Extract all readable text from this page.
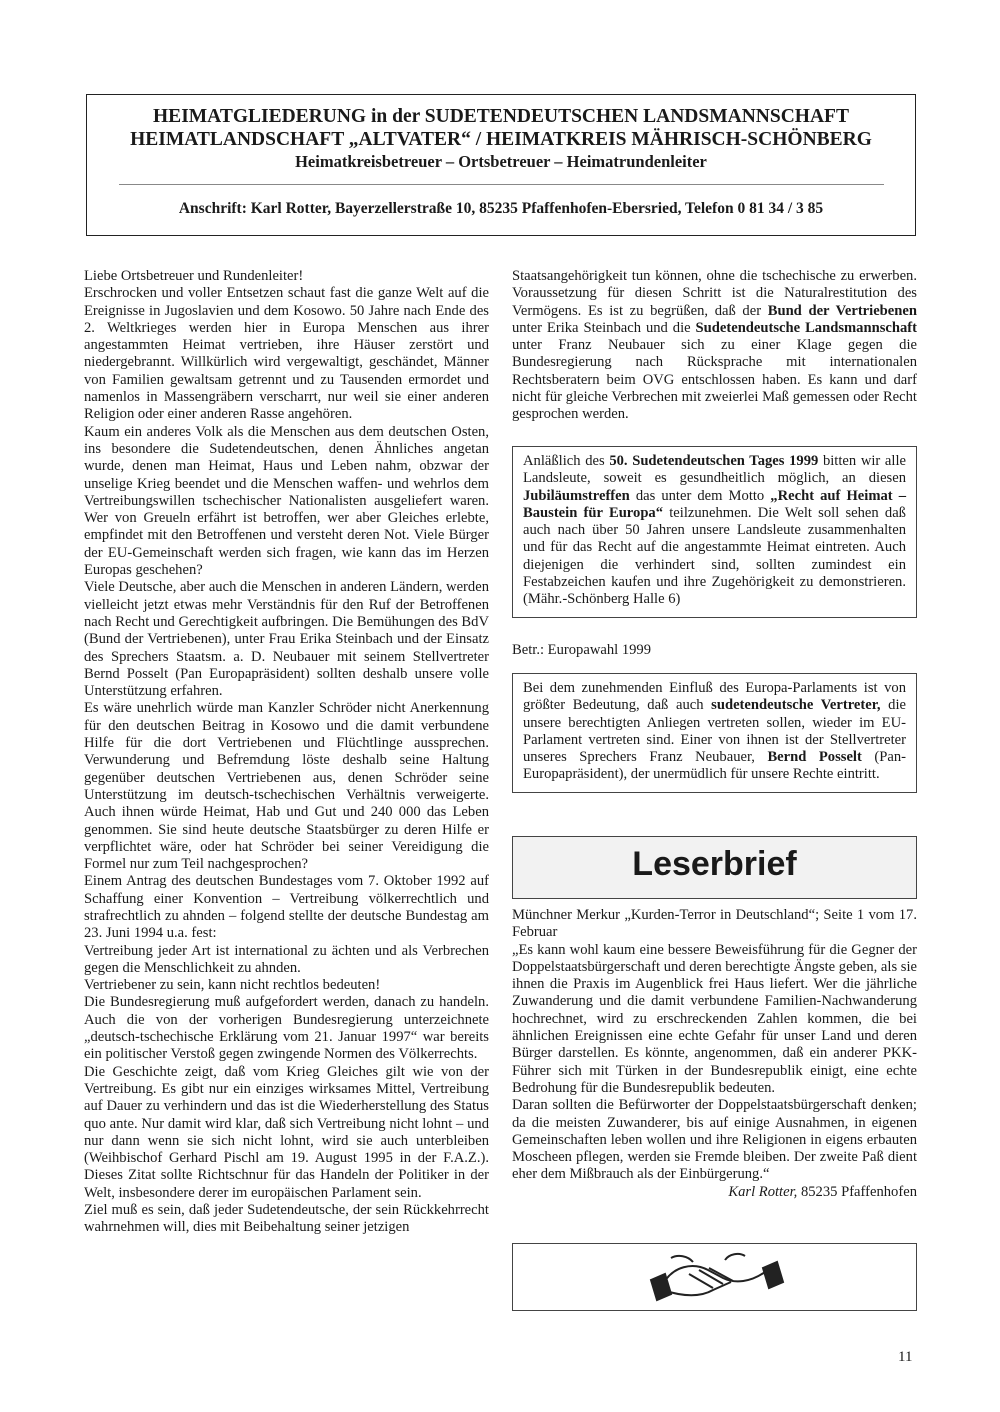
HEIMATGLIEDERUNG in der SUDETENDEUTSCHEN LANDSMANNSCHAFT
HEIMATLANDSCHAFT „ALTVATER“ / HEIMATKREIS MÄHRISCH-SCHÖNBERG
Heimatkreisbetreuer – Ortsbetreuer – Heimatrundenleiter
Anschrift: Karl Rotter, Bayerzellerstraße 10, 85235 Pfaffenhofen-Ebersried, Telefon 0 81 34 / 3 85

Liebe Ortsbetreuer und Rundenleiter!

Erschrocken und voller Entsetzen schaut fast die ganze Welt auf die Ereignisse in Jugoslavien und dem Kosowo. 50 Jahre nach Ende des 2. Weltkrieges werden hier in Europa Menschen aus ihrer angestammten Heimat vertrieben, ihre Häuser zerstört und niedergebrannt. Willkürlich wird vergewaltigt, geschändet, Männer von Familien gewaltsam getrennt und zu Tausenden ermordet und namenlos in Massengräbern verscharrt, nur weil sie einer anderen Religion oder einer anderen Rasse angehören.

Kaum ein anderes Volk als die Menschen aus dem deutschen Osten, ins besondere die Sudetendeutschen, denen Ähnliches angetan wurde, denen man Heimat, Haus und Leben nahm, obzwar der unselige Krieg beendet und die Menschen waffen- und wehrlos dem Vertreibungswillen tschechischer Nationalisten ausgeliefert waren. Wer von Greueln erfährt ist betroffen, wer aber Gleiches erlebte, empfindet mit den Betroffenen und versteht deren Not. Viele Bürger der EU-Gemeinschaft werden sich fragen, wie kann das im Herzen Europas geschehen?

Viele Deutsche, aber auch die Menschen in anderen Ländern, werden vielleicht jetzt etwas mehr Verständnis für den Ruf der Betroffenen nach Recht und Gerechtigkeit aufbringen. Die Bemühungen des BdV (Bund der Vertriebenen), unter Frau Erika Steinbach und der Einsatz des Sprechers Staatsm. a. D. Neubauer mit seinem Stellvertreter Bernd Posselt (Pan Europapräsident) sollten deshalb unsere volle Unterstützung erfahren.

Es wäre unehrlich würde man Kanzler Schröder nicht Anerkennung für den deutschen Beitrag in Kosowo und die damit verbundene Hilfe für die dort Vertriebenen und Flüchtlinge aussprechen. Verwunderung und Befremdung löste deshalb seine Haltung gegenüber deutschen Vertriebenen aus, denen Schröder seine Unterstützung im deutsch-tschechischen Verhältnis verweigerte. Auch ihnen würde Heimat, Hab und Gut und 240 000 das Leben genommen. Sie sind heute deutsche Staatsbürger zu deren Hilfe er verpflichtet wäre, oder hat Schröder bei seiner Vereidigung die Formel nur zum Teil nachgesprochen?

Einem Antrag des deutschen Bundestages vom 7. Oktober 1992 auf Schaffung einer Konvention – Vertreibung völkerrechtlich und strafrechtlich zu ahnden – folgend stellte der deutsche Bundestag am 23. Juni 1994 u.a. fest:

Vertreibung jeder Art ist international zu ächten und als Verbrechen gegen die Menschlichkeit zu ahnden.

Vertriebener zu sein, kann nicht rechtlos bedeuten!

Die Bundesregierung muß aufgefordert werden, danach zu handeln. Auch die von der vorherigen Bundesregierung unterzeichnete „deutsch-tschechische Erklärung vom 21. Januar 1997“ war bereits ein politischer Verstoß gegen zwingende Normen des Völkerrechts.

Die Geschichte zeigt, daß vom Krieg Gleiches gilt wie von der Vertreibung. Es gibt nur ein einziges wirksames Mittel, Vertreibung auf Dauer zu verhindern und das ist die Wiederherstellung des Status quo ante. Nur damit wird klar, daß sich Vertreibung nicht lohnt – und nur dann wenn sie sich nicht lohnt, wird sie auch unterbleiben (Weihbischof Gerhard Pischl am 19. August 1995 in der F.A.Z.). Dieses Zitat sollte Richtschnur für das Handeln der Politiker in der Welt, insbesondere derer im europäischen Parlament sein.

Ziel muß es sein, daß jeder Sudetendeutsche, der sein Rückkehrrecht wahrnehmen will, dies mit Beibehaltung seiner jetzigen

Staatsangehörigkeit tun können, ohne die tschechische zu erwerben. Voraussetzung für diesen Schritt ist die Naturalrestitution des Vermögens. Es ist zu begrüßen, daß der Bund der Vertriebenen unter Erika Steinbach und die Sudetendeutsche Landsmannschaft unter Franz Neubauer sich zu einer Klage gegen die Bundesregierung nach Rücksprache mit internationalen Rechtsberatern beim OVG entschlossen haben. Es kann und darf nicht für gleiche Verbrechen mit zweierlei Maß gemessen oder Recht gesprochen werden.

Anläßlich des 50. Sudetendeutschen Tages 1999 bitten wir alle Landsleute, soweit es gesundheitlich möglich, an diesen Jubiläumstreffen das unter dem Motto „Recht auf Heimat – Baustein für Europa“ teilzunehmen. Die Welt soll sehen daß auch nach über 50 Jahren unsere Landsleute zusammenhalten und für das Recht auf die angestammte Heimat eintreten. Auch diejenigen die verhindert sind, sollten zumindest ein Festabzeichen kaufen und ihre Zugehörigkeit zu demonstrieren. (Mähr.-Schönberg Halle 6)

Betr.: Europawahl 1999

Bei dem zunehmenden Einfluß des Europa-Parlaments ist von größter Bedeutung, daß auch sudetendeutsche Vertreter, die unsere berechtigten Anliegen vertreten sollen, wieder im EU-Parlament vertreten sind. Einer von ihnen ist der Stellvertreter unseres Sprechers Franz Neubauer, Bernd Posselt (Pan-Europapräsident), der unermüdlich für unsere Rechte eintritt.

Leserbrief

Münchner Merkur „Kurden-Terror in Deutschland“; Seite 1 vom 17. Februar

„Es kann wohl kaum eine bessere Beweisführung für die Gegner der Doppelstaatsbürgerschaft und deren berechtigte Ängste geben, als sie ihnen die Praxis im Augenblick frei Haus liefert. Wer die jährliche Zuwanderung und die damit verbundene Familien-Nachwanderung hochrechnet, wird zu erschreckenden Zahlen kommen, die bei ähnlichen Ereignissen eine echte Gefahr für unser Land und deren Bürger darstellen. Es könnte, angenommen, daß ein anderer PKK-Führer sich mit Türken in der Bundesrepublik einigt, eine echte Bedrohung für die Bundesrepublik bedeuten.

Daran sollten die Befürworter der Doppelstaatsbürgerschaft denken; da die meisten Zuwanderer, bis auf einige Ausnahmen, in eigenen Gemeinschaften leben wollen und ihre Religionen in eigens erbauten Moscheen pflegen, werden sie Fremde bleiben. Der zweite Paß dient eher dem Mißbrauch als der Einbürgerung.“

Karl Rotter, 85235 Pfaffenhofen

11
